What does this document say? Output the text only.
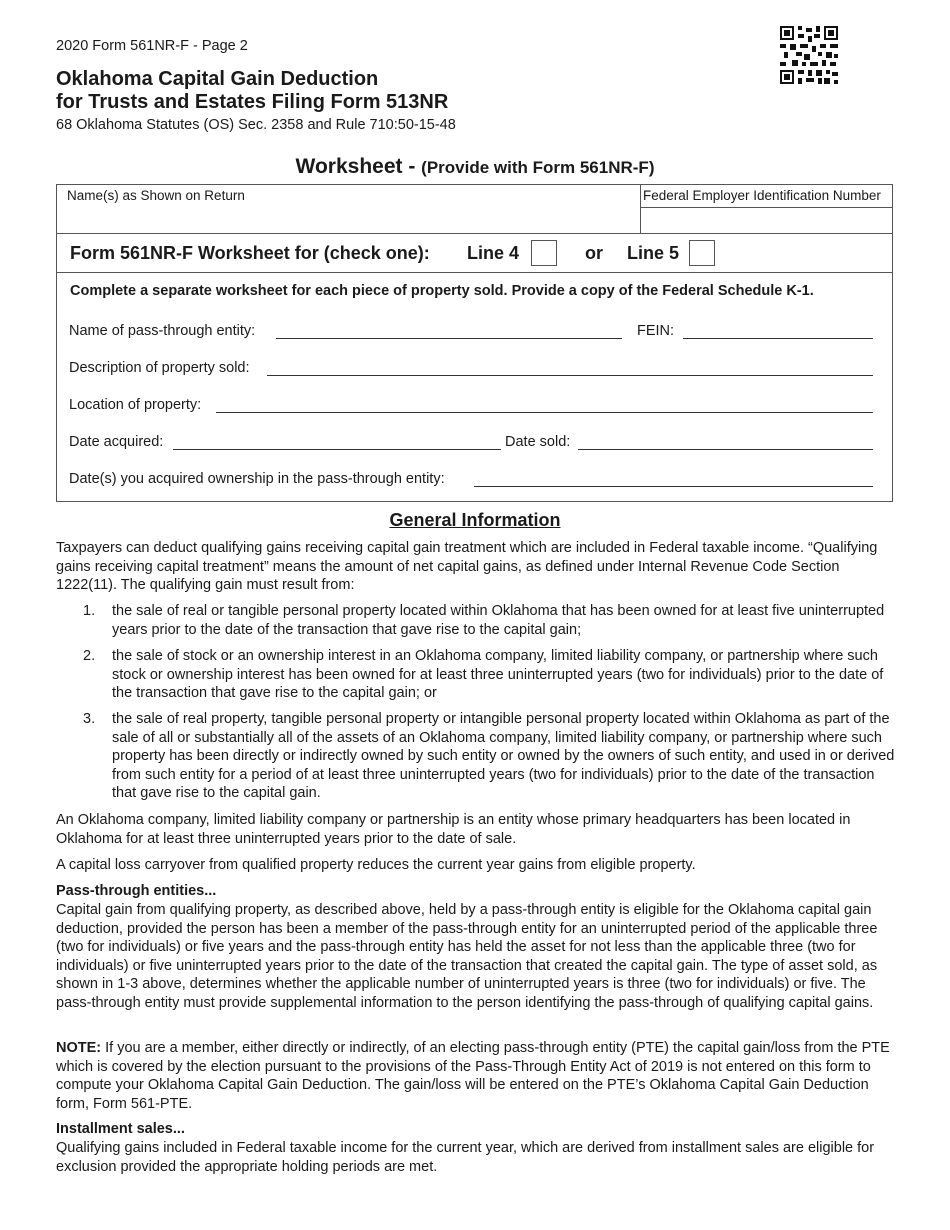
2020 Form 561NR-F - Page 2
Oklahoma Capital Gain Deduction
for Trusts and Estates Filing Form 513NR
68 Oklahoma Statutes (OS) Sec. 2358 and Rule 710:50-15-48
Worksheet - (Provide with Form 561NR-F)
Name(s) as Shown on Return	Federal Employer Identification Number
Form 561NR-F Worksheet for (check one): Line 4	or Line 5
Complete a separate worksheet for each piece of property sold. Provide a copy of the Federal Schedule K-1.
Name of pass-through entity:	FEIN:
Description of property sold:
Location of property:
Date acquired:	Date sold:
Date(s) you acquired ownership in the pass-through entity:
General Information
Taxpayers can deduct qualifying gains receiving capital gain treatment which are included in Federal taxable income. “Qualifying gains receiving capital treatment” means the amount of net capital gains, as defined under Internal Revenue Code Section 1222(11). The qualifying gain must result from:
1. the sale of real or tangible personal property located within Oklahoma that has been owned for at least five uninterrupted years prior to the date of the transaction that gave rise to the capital gain;
2. the sale of stock or an ownership interest in an Oklahoma company, limited liability company, or partnership where such stock or ownership interest has been owned for at least three uninterrupted years (two for individuals) prior to the date of the transaction that gave rise to the capital gain; or
3. the sale of real property, tangible personal property or intangible personal property located within Oklahoma as part of the sale of all or substantially all of the assets of an Oklahoma company, limited liability company, or partnership where such property has been directly or indirectly owned by such entity or owned by the owners of such entity, and used in or derived from such entity for a period of at least three uninterrupted years (two for individuals) prior to the date of the transaction that gave rise to the capital gain.
An Oklahoma company, limited liability company or partnership is an entity whose primary headquarters has been located in Oklahoma for at least three uninterrupted years prior to the date of sale.
A capital loss carryover from qualified property reduces the current year gains from eligible property.
Pass-through entities...
Capital gain from qualifying property, as described above, held by a pass-through entity is eligible for the Oklahoma capital gain deduction, provided the person has been a member of the pass-through entity for an uninterrupted period of the applicable three (two for individuals) or five years and the pass-through entity has held the asset for not less than the applicable three (two for individuals) or five uninterrupted years prior to the date of the transaction that created the capital gain. The type of asset sold, as shown in 1-3 above, determines whether the applicable number of uninterrupted years is three (two for individuals) or five. The pass-through entity must provide supplemental information to the person identifying the pass-through of qualifying capital gains.
NOTE: If you are a member, either directly or indirectly, of an electing pass-through entity (PTE) the capital gain/loss from the PTE which is covered by the election pursuant to the provisions of the Pass-Through Entity Act of 2019 is not entered on this form to compute your Oklahoma Capital Gain Deduction. The gain/loss will be entered on the PTE’s Oklahoma Capital Gain Deduction form, Form 561-PTE.
Installment sales...
Qualifying gains included in Federal taxable income for the current year, which are derived from installment sales are eligible for exclusion provided the appropriate holding periods are met.
